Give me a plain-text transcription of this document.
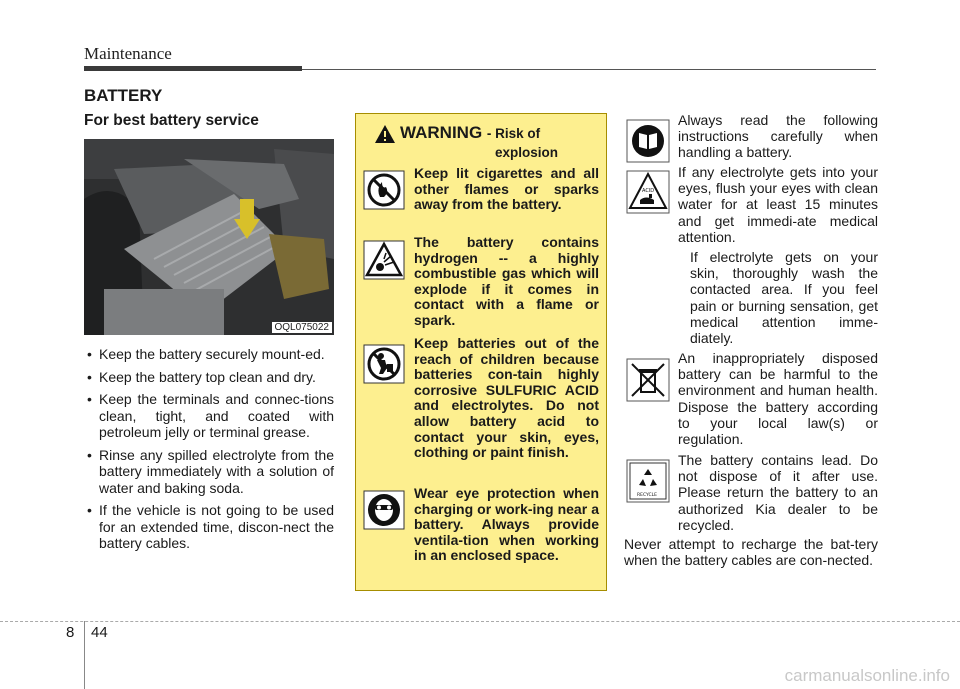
Maintenance
BATTERY
For best battery service
OQL075022
• Keep the battery securely mount-ed.
• Keep the battery top clean and dry.
• Keep the terminals and connec-tions clean, tight, and coated with petroleum jelly or terminal grease.
• Rinse any spilled electrolyte from the battery immediately with a solution of water and baking soda.
• If the vehicle is not going to be used for an extended time, discon-nect the battery cables.
WARNING - Risk of
explosion
Keep lit cigarettes and all other flames or sparks away from the battery.
The battery contains hydrogen -- a highly combustible gas which will explode if it comes in contact with a flame or spark.
Keep batteries out of the reach of children because batteries con-tain highly corrosive SULFURIC ACID and electrolytes. Do not allow battery acid to contact your skin, eyes, clothing or paint finish.
Wear eye protection when charging or work-ing near a battery. Always provide ventila-tion when working in an enclosed space.
Always read the following instructions carefully when handling a battery.
ACID
If any electrolyte gets into your eyes, flush your eyes with clean water for at least 15 minutes and get immedi-ate medical attention.
If electrolyte gets on your skin, thoroughly wash the contacted area. If you feel pain or burning sensation, get medical attention imme-diately.
An inappropriately disposed battery can be harmful to the environment and human health. Dispose the battery according to your local law(s) or regulation.
RECYCLE
The battery contains lead. Do not dispose of it after use. Please return the battery to an authorized Kia dealer to be recycled.
Never attempt to recharge the bat-tery when the battery cables are con-nected.
8 44
carmanualsonline.info
